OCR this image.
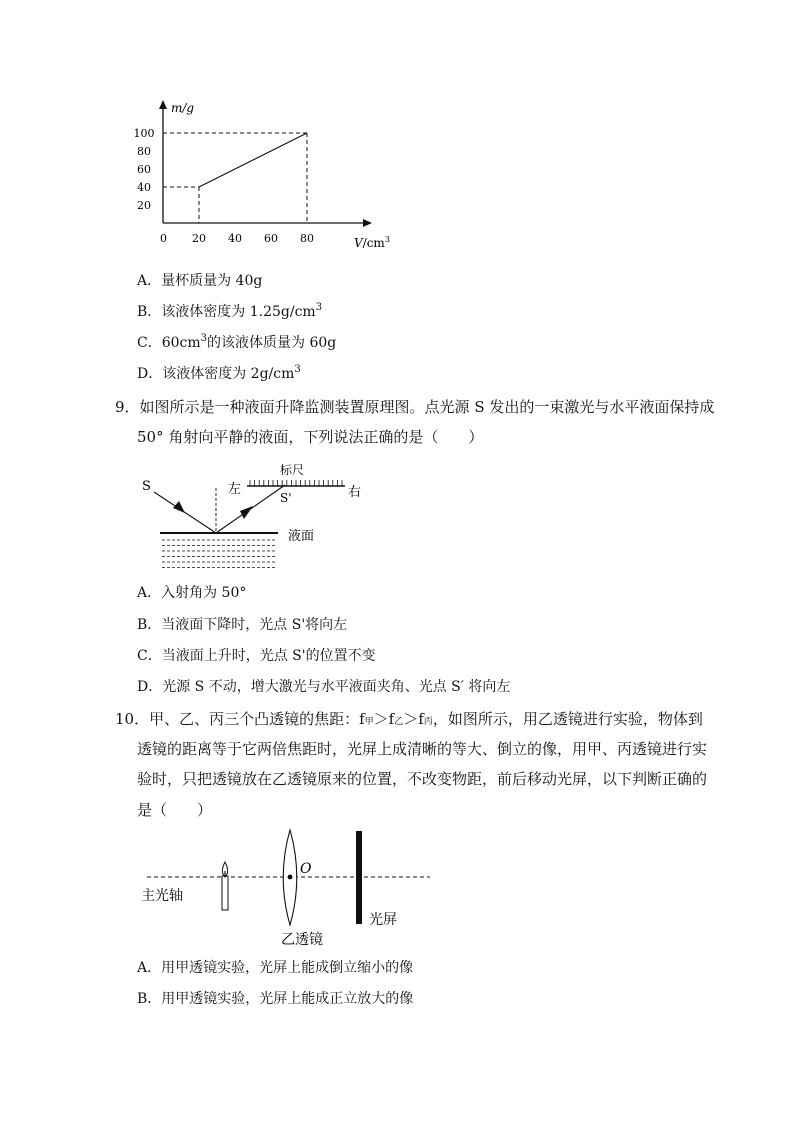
m/g
$V/cm^3$
0
100
80
60
40
20
20 40 60 80
A．量杯质量为 40g
B．该液体密度为 $1.25g/cm^3$
C．$60cm^3$的该液体质量为 60g
D．该液体密度为 $2g/cm^3$
9．如图所示是一种液面升降监测装置原理图。点光源 S 发出的一束激光与水平液面保持成
50° 角射向平静的液面，下列说法正确的是（　　）
S
标尺
左	右
S'
液面
A．入射角为 50°
B．当液面下降时，光点 S'将向左
C．当液面上升时，光点 S'的位置不变
D．光源 S 不动，增大激光与水平液面夹角、光点 S′ 将向左
10．甲、乙、丙三个凸透镜的焦距：f甲＞f乙＞f丙，如图所示，用乙透镜进行实验，物体到
透镜的距离等于它两倍焦距时，光屏上成清晰的等大、倒立的像，用甲、丙透镜进行实
验时，只把透镜放在乙透镜原来的位置，不改变物距，前后移动光屏，以下判断正确的
是（　　）
主光轴
O
乙透镜
光屏
A．用甲透镜实验，光屏上能成倒立缩小的像
B．用甲透镜实验，光屏上能成正立放大的像
